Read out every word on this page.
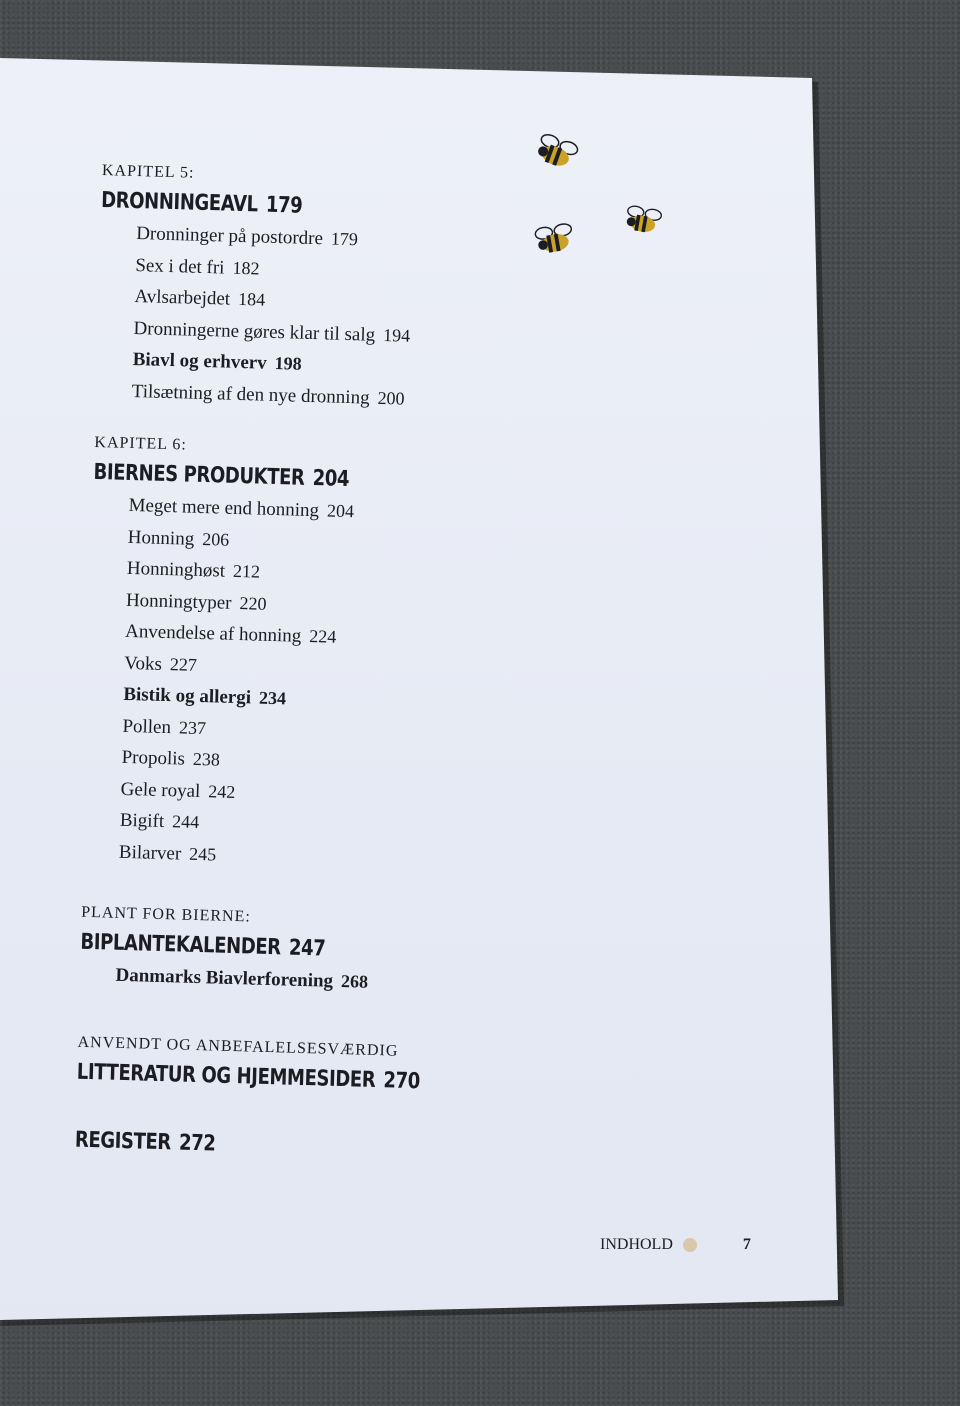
KAPITEL 5:

DRONNINGEAVL 179

Dronninger på postordre 179
Sex i det fri 182
Avlsarbejdet 184
Dronningerne gøres klar til salg 194
Biavl og erhverv 198
Tilsætning af den nye dronning 200

KAPITEL 6:

BIERNES PRODUKTER 204

Meget mere end honning 204
Honning 206
Honninghøst 212
Honningtyper 220
Anvendelse af honning 224
Voks 227
Bistik og allergi 234
Pollen 237
Propolis 238
Gele royal 242
Bigift 244
Bilarver 245

PLANT FOR BIERNE:

BIPLANTEKALENDER 247

Danmarks Biavlerforening 268

ANVENDT OG ANBEFALELSESVÆRDIG

LITTERATUR OG HJEMMESIDER 270

REGISTER 272

INDHOLD	7
